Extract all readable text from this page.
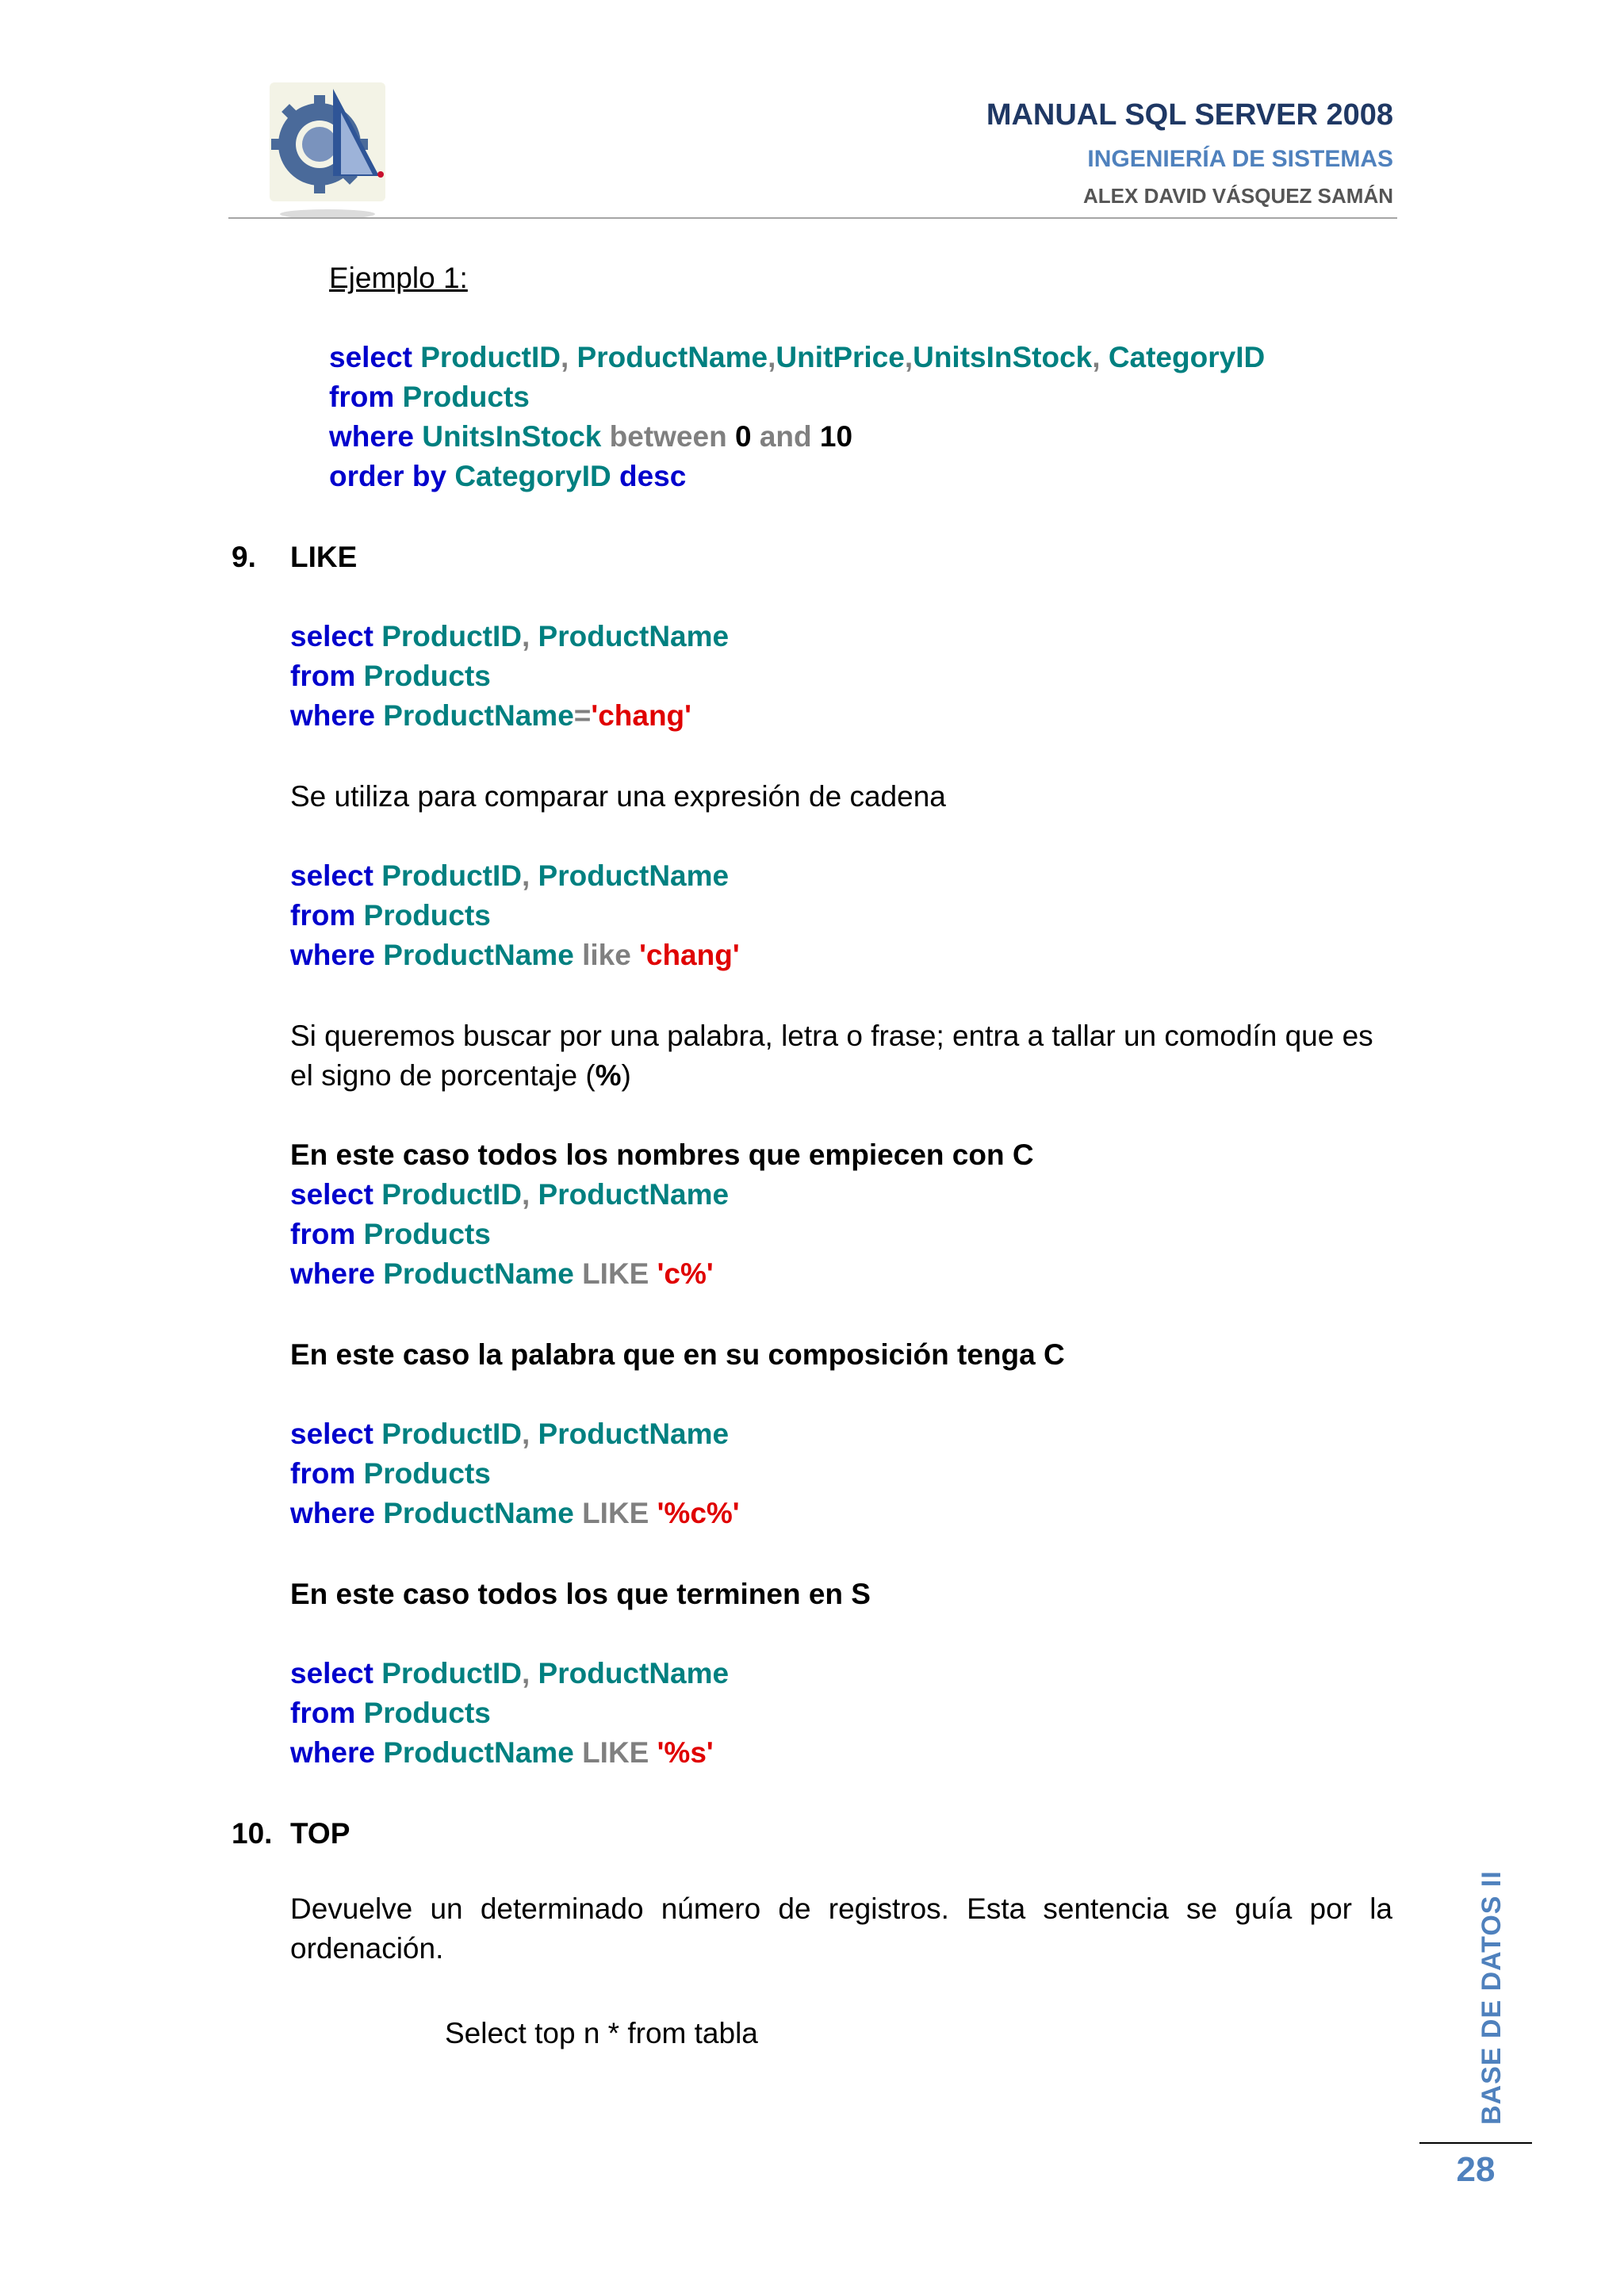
MANUAL SQL SERVER 2008
INGENIERÍA DE SISTEMAS
ALEX DAVID VÁSQUEZ SAMÁN
Ejemplo 1:
select ProductID, ProductName,UnitPrice,UnitsInStock, CategoryID
from Products
where UnitsInStock between 0 and 10
order by CategoryID desc
9. LIKE
select ProductID, ProductName
from Products
where ProductName='chang'
Se utiliza para comparar una expresión de cadena
select ProductID, ProductName
from Products
where ProductName like 'chang'
Si queremos buscar por una palabra, letra o frase; entra a tallar un comodín que es
el signo de porcentaje (%)
En este caso todos los nombres que empiecen con C
select ProductID, ProductName
from Products
where ProductName LIKE 'c%'
En este caso la palabra que en su composición tenga C
select ProductID, ProductName
from Products
where ProductName LIKE '%c%'
En este caso todos los que terminen en S
select ProductID, ProductName
from Products
where ProductName LIKE '%s'
10. TOP
Devuelve un determinado número de registros. Esta sentencia se guía por la ordenación.
Select top n * from tabla	BASE DE DATOS II
28
